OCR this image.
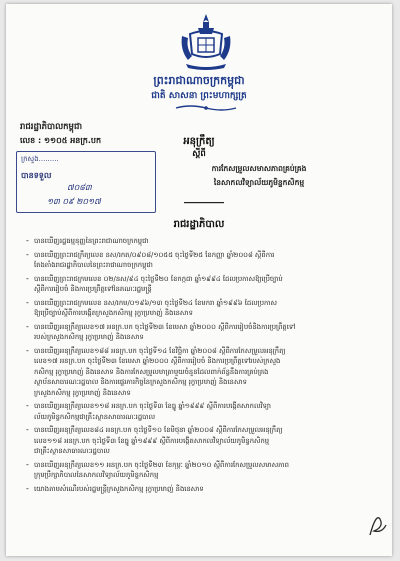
ព្រះរាជាណាចក្រកម្ពុជា
ជាតិ សាសនា ព្រះមហាក្សត្រ
រាជរដ្ឋាភិបាលកម្ពុជា
លេខ : ១១០៥ អនក្រ.បក
ក្រសួង.........
បានទទួល
៧០៨៣
១៣ ០៩ ២០១៧
អនុក្រឹត្យ
ស្ដីពី
ការកែសម្រួលសមាសភាពគ្រប់គ្រង
នៃសាកលវិទ្យាល័យភូមិន្ទកសិកម្ម
រាជរដ្ឋាភិបាល
- បានឃើញរដ្ឋធម្មនុញ្ញនៃព្រះរាជាណាចក្រកម្ពុជា
- បានឃើញព្រះរាជក្រឹត្យលេខ នស/រកត/០៩០៨/១០៥៥ ចុះថ្ងៃទី២៥ ខែកញ្ញា ឆ្នាំ២០០៨ ស្ដីពីការ
តែងតាំងរាជរដ្ឋាភិបាលនៃព្រះរាជាណាចក្រកម្ពុជា
- បានឃើញព្រះរាជក្រមលេខ ០២/នស/៩៤ ចុះថ្ងៃទី២០ ខែកក្កដា ឆ្នាំ១៩៩៤ ដែលប្រកាសឱ្យប្រើច្បាប់
ស្ដីពីការរៀបចំ និងការប្រព្រឹត្តទៅនៃគណៈរដ្ឋមន្ត្រី
- បានឃើញព្រះរាជក្រមលេខ នស/រកម/០១៩៦/១៣ ចុះថ្ងៃទី២៤ ខែមករា ឆ្នាំ១៩៩៦ ដែលប្រកាស
ឱ្យប្រើច្បាប់ស្ដីពីការបង្កើតក្រសួងកសិកម្ម រុក្ខាប្រមាញ់ និងនេសាទ
- បានឃើញអនុក្រឹត្យលេខ១៧ អនក្រ.បក ចុះថ្ងៃទី២៣ ខែមេសា ឆ្នាំ២០០០ ស្ដីពីការរៀបចំនិងការប្រព្រឹត្តទៅ
របស់ក្រសួងកសិកម្ម រុក្ខាប្រមាញ់ និងនេសាទ
- បានឃើញអនុក្រឹត្យលេខ១៨៨ អនក្រ.បក ចុះថ្ងៃទី១៤ ខែវិច្ឆិកា ឆ្នាំ២០០៨ ស្ដីពីការកែសម្រួលអនុក្រឹត្យ
លេខ១៧ អនក្រ.បក ចុះថ្ងៃទី២៣ ខែមេសា ឆ្នាំ២០០០ ស្ដីពីការរៀបចំ និងការប្រព្រឹត្តទៅរបស់ក្រសួង
កសិកម្ម រុក្ខាប្រមាញ់ និងនេសាទ និងការកែសម្រួលមាត្រាមួយចំនួនដែលពាក់ព័ន្ធនឹងការគ្រប់គ្រង
ស្ថាប័នសាធារណៈរដ្ឋបាល និងការផ្ទេរភារកិច្ចនៃក្រសួងកសិកម្ម រុក្ខាប្រមាញ់ និងនេសាទ
ក្រសួងកសិកម្ម រុក្ខាប្រមាញ់ និងនេសាទ
- បានឃើញអនុក្រឹត្យលេខ១១៨ អនក្រ.បក ចុះថ្ងៃទី៣ ខែធ្នូ ឆ្នាំ១៩៩៩ ស្ដីពីការបង្កើតសាកលវិទ្យា
ល័យភូមិន្ទកសិកម្មជាគ្រឹះស្ថានសាធារណៈរដ្ឋបាល
- បានឃើញអនុក្រឹត្យលេខ៨៤ អនក្រ.បក ចុះថ្ងៃទី១០ ខែមិថុនា ឆ្នាំ២០០៨ ស្ដីពីការកែសម្រួលអនុក្រឹត្យ
លេខ១១៨ អនក្រ.បក ចុះថ្ងៃទី៣ ខែធ្នូ ឆ្នាំ១៩៩៩ ស្ដីពីការបង្កើតសាកលវិទ្យាល័យភូមិន្ទកសិកម្ម
ជាគ្រឹះស្ថានសាធារណៈរដ្ឋបាល
- បានឃើញអនុក្រឹត្យលេខ១១ អនក្រ.បក ចុះថ្ងៃទី២៣ ខែកុម្ភៈ ឆ្នាំ២០១០ ស្ដីពីការកែសម្រួលសមាសភាព
ក្រុមប្រឹក្សាភិបាលនៃសាកលវិទ្យាល័យភូមិន្ទកសិកម្ម
- យោងតាមសំណើរបស់រដ្ឋមន្ត្រីក្រសួងកសិកម្ម រុក្ខាប្រមាញ់ និងនេសាទ
